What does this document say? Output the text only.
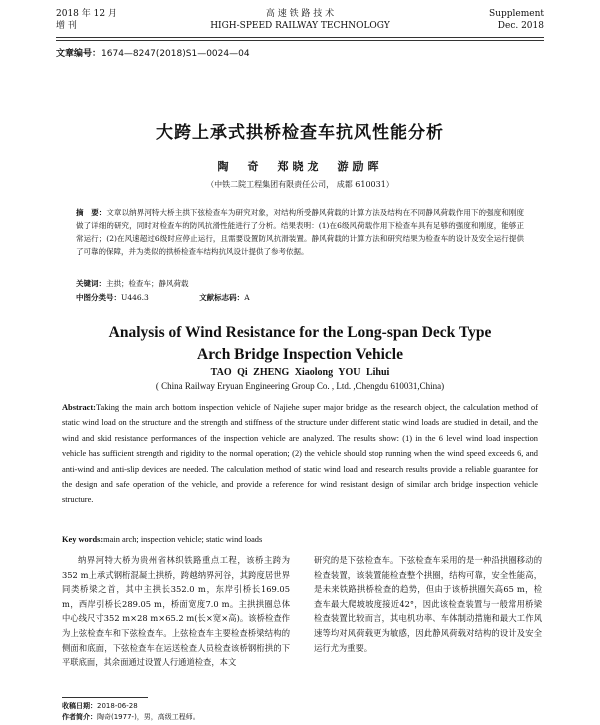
2018 年 12 月
增 刊
高 速 铁 路 技 术
HIGH-SPEED RAILWAY TECHNOLOGY
Supplement
Dec. 2018
文章编号：1674—8247(2018)S1—0024—04
大跨上承式拱桥检查车抗风性能分析
陶　奇　郑晓龙　游励晖
（中铁二院工程集团有限责任公司， 成都 610031）
摘　要：文章以纳界河特大桥主拱下弦检查车为研究对象，对结构所受静风荷载的计算方法及结构在不同静风荷载作用下的强度和刚度做了详细的研究，同时对检查车的防风抗滑性能进行了分析。结果表明：(1)在6级风荷载作用下检查车具有足够的强度和刚度，能够正常运行；(2)在风速超过6级时应停止运行，且需要设置防风抗滑装置。静风荷载的计算方法和研究结果为检查车的设计及安全运行提供了可靠的保障，并为类似的拱桥检查车结构抗风设计提供了参考依据。
关键词：主拱；检查车；静风荷载
中图分类号：U446.3	文献标志码：A
Analysis of Wind Resistance for the Long-span Deck Type
Arch Bridge Inspection Vehicle
TAO Qi ZHENG Xiaolong YOU Lihui
( China Railway Eryuan Engineering Group Co. , Ltd. ,Chengdu 610031,China)
Abstract:Taking the main arch bottom inspection vehicle of Najiehe super major bridge as the research object, the calculation method of static wind load on the structure and the strength and stiffness of the structure under different static wind loads are studied in detail, and the wind and skid resistance performances of the inspection vehicle are analyzed. The results show: (1) in the 6 level wind load inspection vehicle has sufficient strength and rigidity to the normal operation; (2) the vehicle should stop running when the wind speed exceeds 6, and anti-wind and anti-slip devices are needed. The calculation method of static wind load and research results provide a reliable guarantee for the design and safe operation of the vehicle, and provide a reference for wind resistant design of similar arch bridge inspection vehicle structure.
Key words:main arch; inspection vehicle; static wind loads
纳界河特大桥为贵州省林织铁路重点工程，该桥主跨为352 m上承式钢桁混凝土拱桥，跨越纳界河谷，其跨度居世界同类桥梁之首，其中主拱长352.0 m，东岸引桥长169.05 m，西岸引桥长289.05 m，桥面宽度7.0 m。主拱拱圈总体中心线尺寸352 m×28 m×65.2 m(长×宽×高)。该桥检查作为上弦检查车和下弦检查车。上弦检查车主要检查桥梁结构的侧面和底面，下弦检查车在运送检查人员检查该桥钢桁拱的下平联底面，其余面通过设置人行通道检查，本文
研究的是下弦检查车。下弦检查车采用的是一种沿拱圈移动的检查装置，该装置能检查整个拱圈，结构可靠，安全性能高，是未来铁路拱桥检查的趋势，但由于该桥拱圈矢高65 m，检查车最大爬坡坡度接近42°，因此该检查装置与一般常用桥梁检查装置比较而言，其电机功率、车体制动措施和最大工作风速等均对风荷载更为敏感，因此静风荷载对结构的设计及安全运行尤为重要。
收稿日期：2018-06-28
作者简介：陶奇(1977-)，男，高级工程师。
